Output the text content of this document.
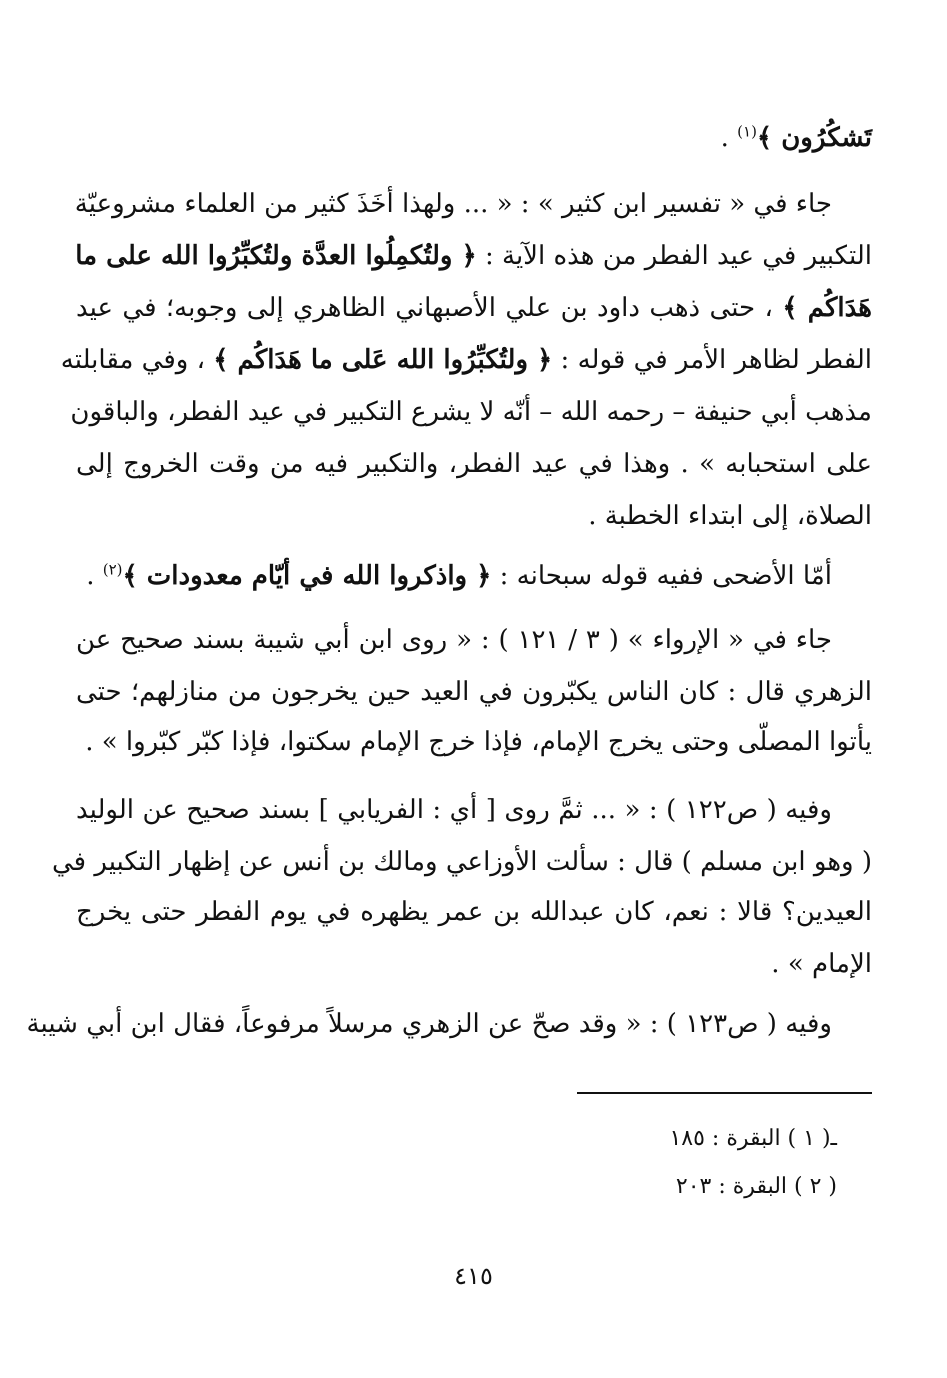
تَشكُرُون ﴾$^{(١)}$ .
جاء في « تفسير ابن كثير » : « ... ولهذا أخَذَ كثير من العلماء مشروعيّة
التكبير في عيد الفطر من هذه الآية : ﴿ ولتُكمِلُوا العدَّة ولتُكبِّرُوا الله على ما
هَدَاكُم ﴾ ، حتى ذهب داود بن علي الأصبهاني الظاهري إلى وجوبه؛ في عيد
الفطر لظاهر الأمر في قوله : ﴿ ولتُكبِّرُوا الله عَلى ما هَدَاكُم ﴾ ، وفي مقابلته
مذهب أبي حنيفة – رحمه الله – أنّه لا يشرع التكبير في عيد الفطر، والباقون
على استحبابه » . وهذا في عيد الفطر، والتكبير فيه من وقت الخروج إلى
الصلاة، إلى ابتداء الخطبة .
أمّا الأضحى ففيه قوله سبحانه : ﴿ واذكروا الله في أيّام معدودات ﴾$^{(٢)}$ .
جاء في « الإرواء » ( ٣ / ١٢١ ) : « روى ابن أبي شيبة بسند صحيح عن
الزهري قال : كان الناس يكبّرون في العيد حين يخرجون من منازلهم؛ حتى
يأتوا المصلّى وحتى يخرج الإمام، فإذا خرج الإمام سكتوا، فإذا كبّر كبّروا » .
وفيه ( ص١٢٢ ) : « ... ثمَّ روى [ أي : الفريابي ] بسند صحيح عن الوليد
( وهو ابن مسلم ) قال : سألت الأوزاعي ومالك بن أنس عن إظهار التكبير في
العيدين؟ قالا : نعم، كان عبدالله بن عمر يظهره في يوم الفطر حتى يخرج
الإمام » .
وفيه ( ص١٢٣ ) : « وقد صحّ عن الزهري مرسلاً مرفوعاً، فقال ابن أبي شيبة
ـ( ١ ) البقرة : ١٨٥
( ٢ ) البقرة : ٢٠٣
٤١٥
